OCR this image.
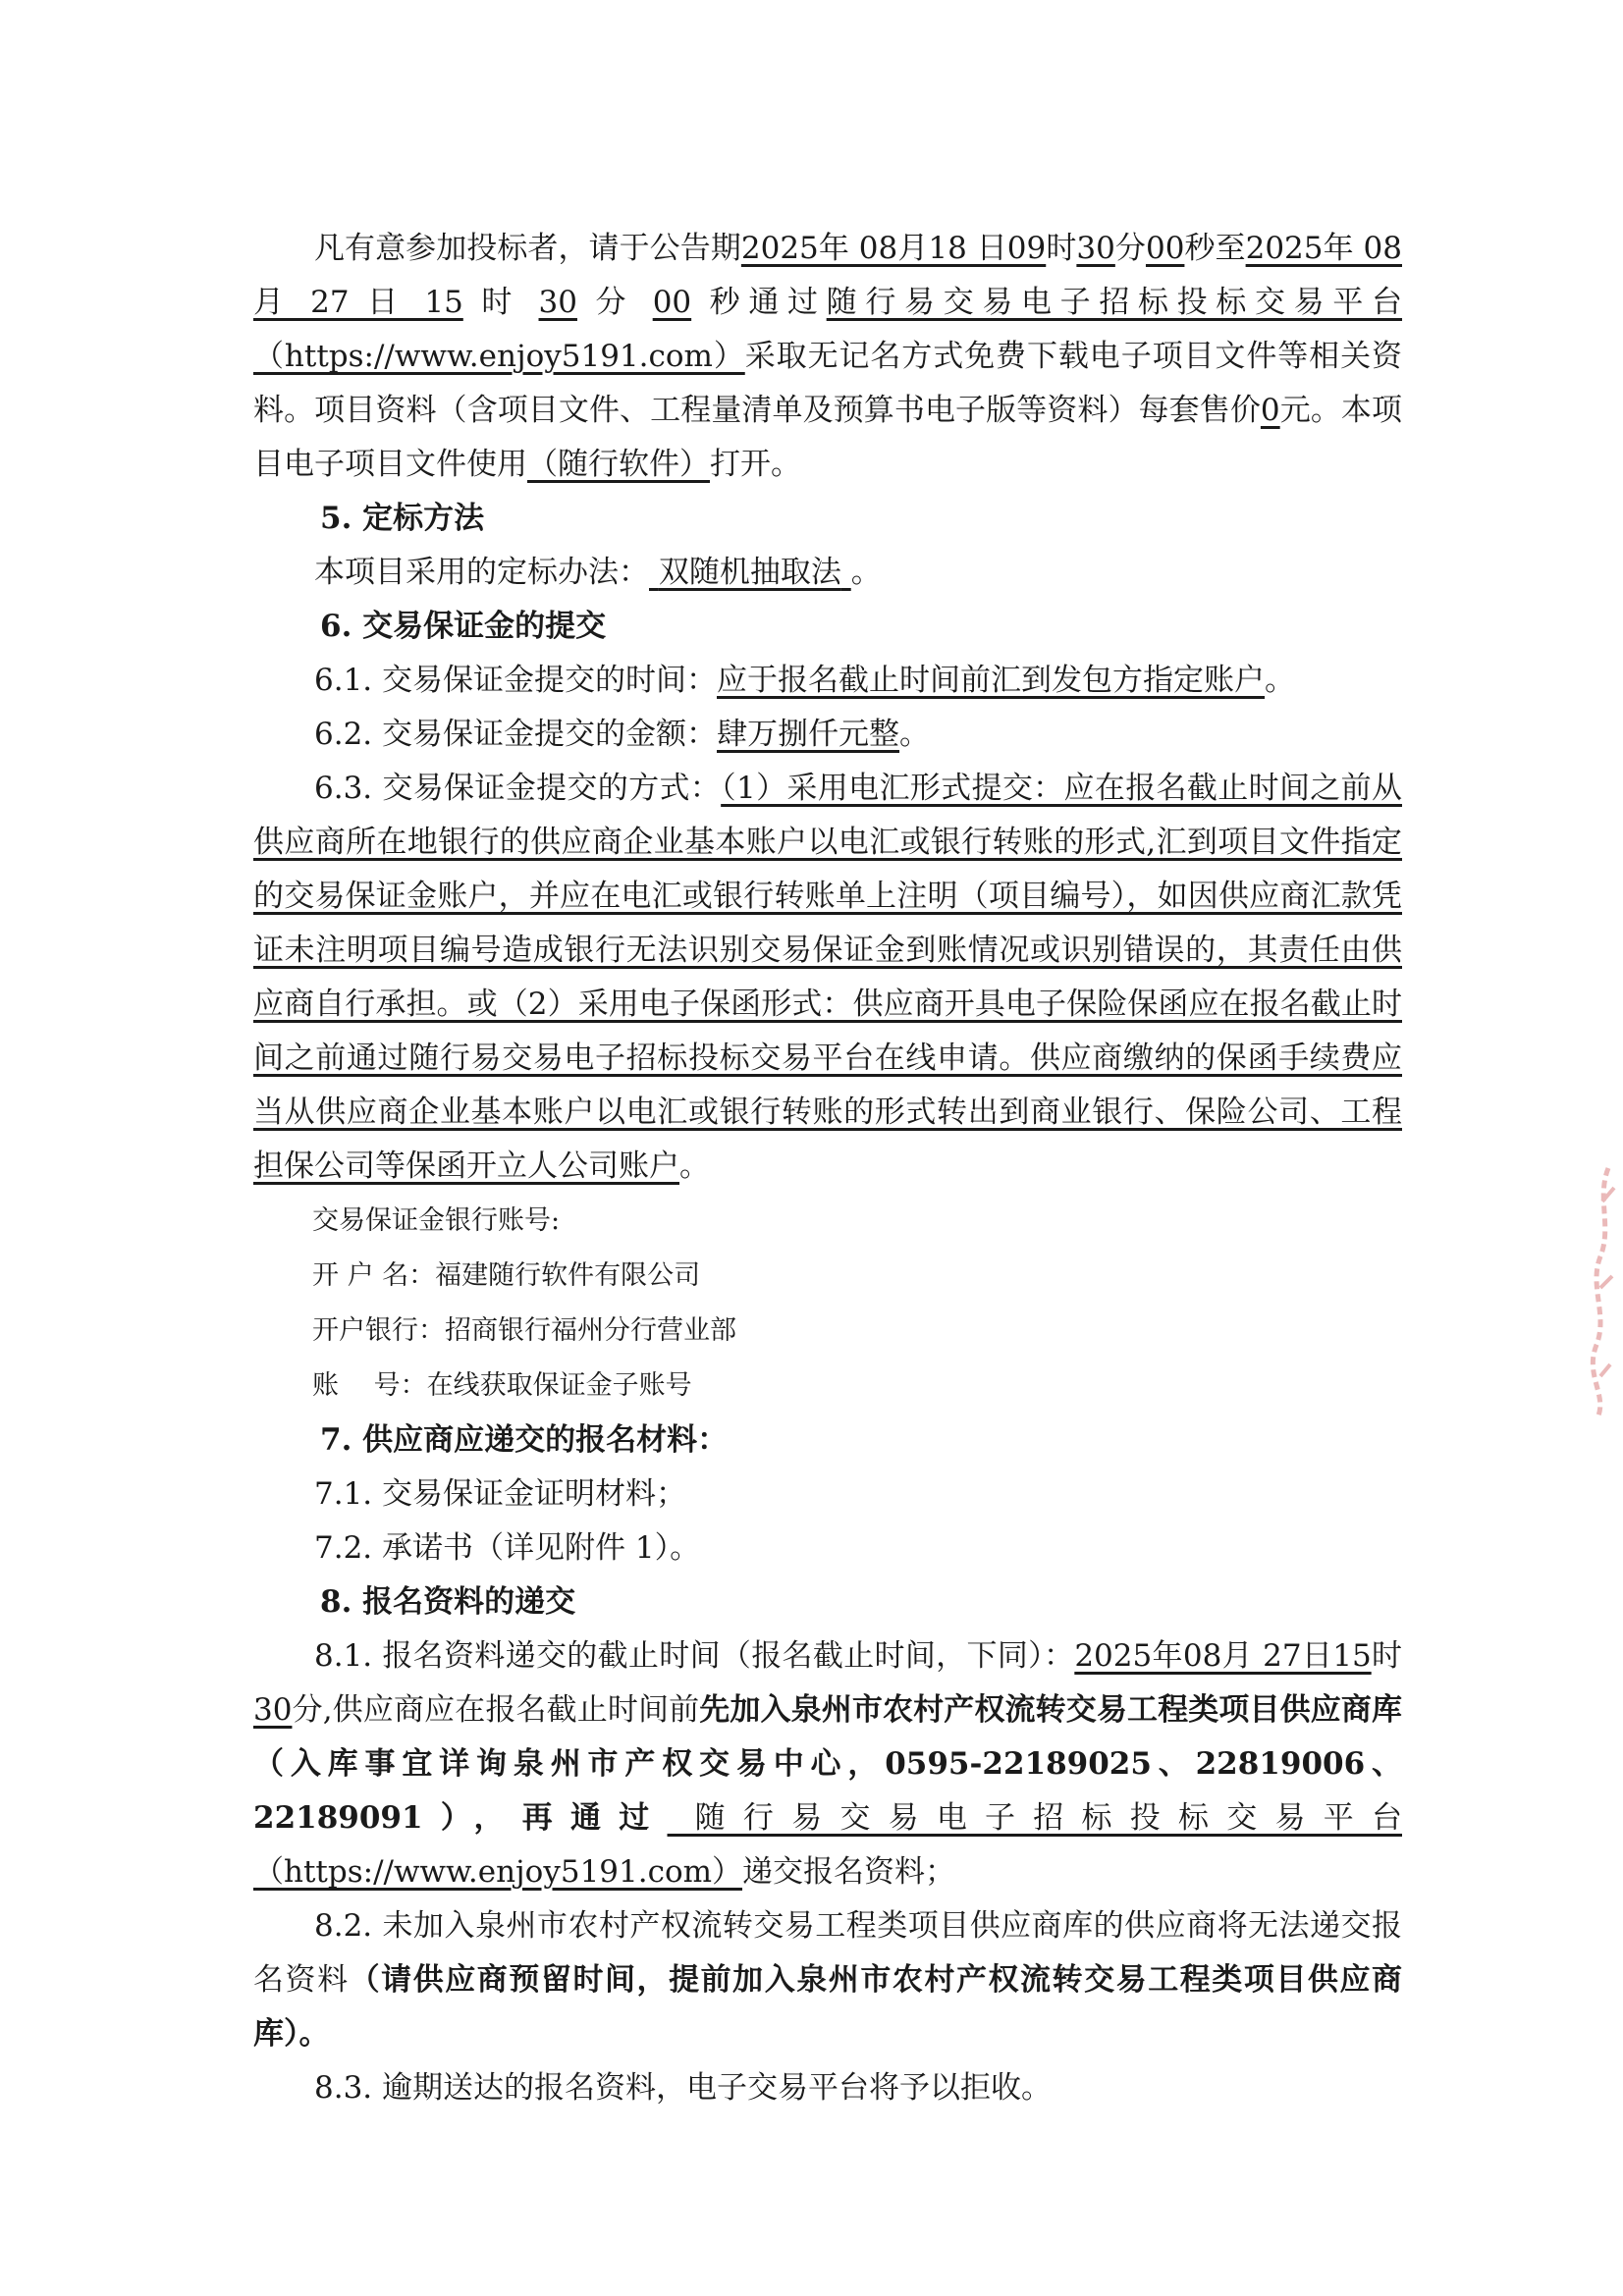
凡有意参加投标者，请于公告期2025年 08月18 日09时30分00秒至2025年 08 月 27 日 15 时 30 分 00 秒通过随行易交易电子招标投标交易平台（https://www.enjoy5191.com）采取无记名方式免费下载电子项目文件等相关资料。项目资料（含项目文件、工程量清单及预算书电子版等资料）每套售价0元。本项目电子项目文件使用（随行软件）打开。

5. 定标方法

本项目采用的定标办法： 双随机抽取法 。

6. 交易保证金的提交

6.1. 交易保证金提交的时间：应于报名截止时间前汇到发包方指定账户。

6.2. 交易保证金提交的金额：肆万捌仟元整。

6.3. 交易保证金提交的方式：（1）采用电汇形式提交：应在报名截止时间之前从供应商所在地银行的供应商企业基本账户以电汇或银行转账的形式,汇到项目文件指定的交易保证金账户，并应在电汇或银行转账单上注明（项目编号），如因供应商汇款凭证未注明项目编号造成银行无法识别交易保证金到账情况或识别错误的，其责任由供应商自行承担。或（2）采用电子保函形式：供应商开具电子保险保函应在报名截止时间之前通过随行易交易电子招标投标交易平台在线申请。供应商缴纳的保函手续费应当从供应商企业基本账户以电汇或银行转账的形式转出到商业银行、保险公司、工程担保公司等保函开立人公司账户。

交易保证金银行账号:

开 户 名：福建随行软件有限公司

开户银行：招商银行福州分行营业部

账　 号：在线获取保证金子账号

7. 供应商应递交的报名材料：

7.1. 交易保证金证明材料；

7.2. 承诺书（详见附件 1）。

8. 报名资料的递交

8.1. 报名资料递交的截止时间（报名截止时间，下同）：2025年08月 27日15时30分,供应商应在报名截止时间前先加入泉州市农村产权流转交易工程类项目供应商库（入库事宜详询泉州市产权交易中心，0595-22189025、22819006、22189091），再通过 随行易交易电子招标投标交易平台（https://www.enjoy5191.com）递交报名资料；

8.2. 未加入泉州市农村产权流转交易工程类项目供应商库的供应商将无法递交报名资料（请供应商预留时间，提前加入泉州市农村产权流转交易工程类项目供应商库）。

8.3. 逾期送达的报名资料，电子交易平台将予以拒收。
